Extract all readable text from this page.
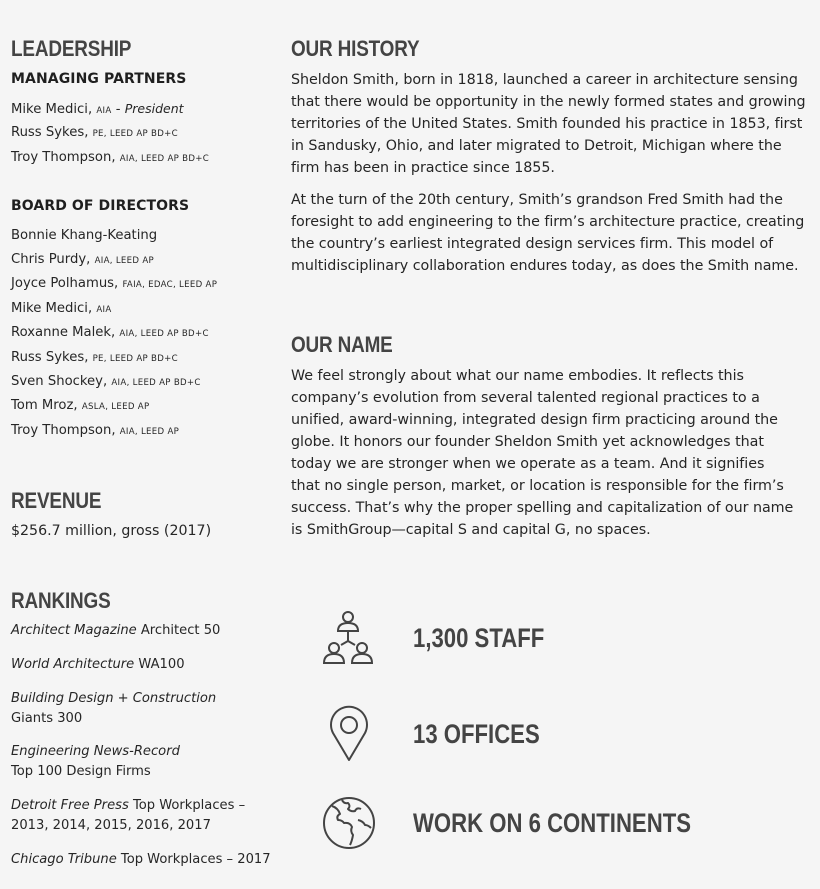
LEADERSHIP
MANAGING PARTNERS
Mike Medici, AIA - President
Russ Sykes, PE, LEED AP BD+C
Troy Thompson, AIA, LEED AP BD+C
BOARD OF DIRECTORS
Bonnie Khang-Keating
Chris Purdy, AIA, LEED AP
Joyce Polhamus, FAIA, EDAC, LEED AP
Mike Medici, AIA
Roxanne Malek, AIA, LEED AP BD+C
Russ Sykes, PE, LEED AP BD+C
Sven Shockey, AIA, LEED AP BD+C
Tom Mroz, ASLA, LEED AP
Troy Thompson, AIA, LEED AP
REVENUE
$256.7 million, gross (2017)
RANKINGS
Architect Magazine Architect 50
World Architecture WA100
Building Design + Construction
Giants 300
Engineering News-Record
Top 100 Design Firms
Detroit Free Press Top Workplaces –
2013, 2014, 2015, 2016, 2017
Chicago Tribune Top Workplaces – 2017
OUR HISTORY

Sheldon Smith, born in 1818, launched a career in architecture sensing
that there would be opportunity in the newly formed states and growing
territories of the United States. Smith founded his practice in 1853, first
in Sandusky, Ohio, and later migrated to Detroit, Michigan where the
firm has been in practice since 1855.

At the turn of the 20th century, Smith’s grandson Fred Smith had the
foresight to add engineering to the firm’s architecture practice, creating
the country’s earliest integrated design services firm. This model of
multidisciplinary collaboration endures today, as does the Smith name.

OUR NAME

We feel strongly about what our name embodies. It reflects this
company’s evolution from several talented regional practices to a
unified, award-winning, integrated design firm practicing around the
globe. It honors our founder Sheldon Smith yet acknowledges that
today we are stronger when we operate as a team. And it signifies
that no single person, market, or location is responsible for the firm’s
success. That’s why the proper spelling and capitalization of our name
is SmithGroup—capital S and capital G, no spaces.

1,300 STAFF
13 OFFICES
WORK ON 6 CONTINENTS
